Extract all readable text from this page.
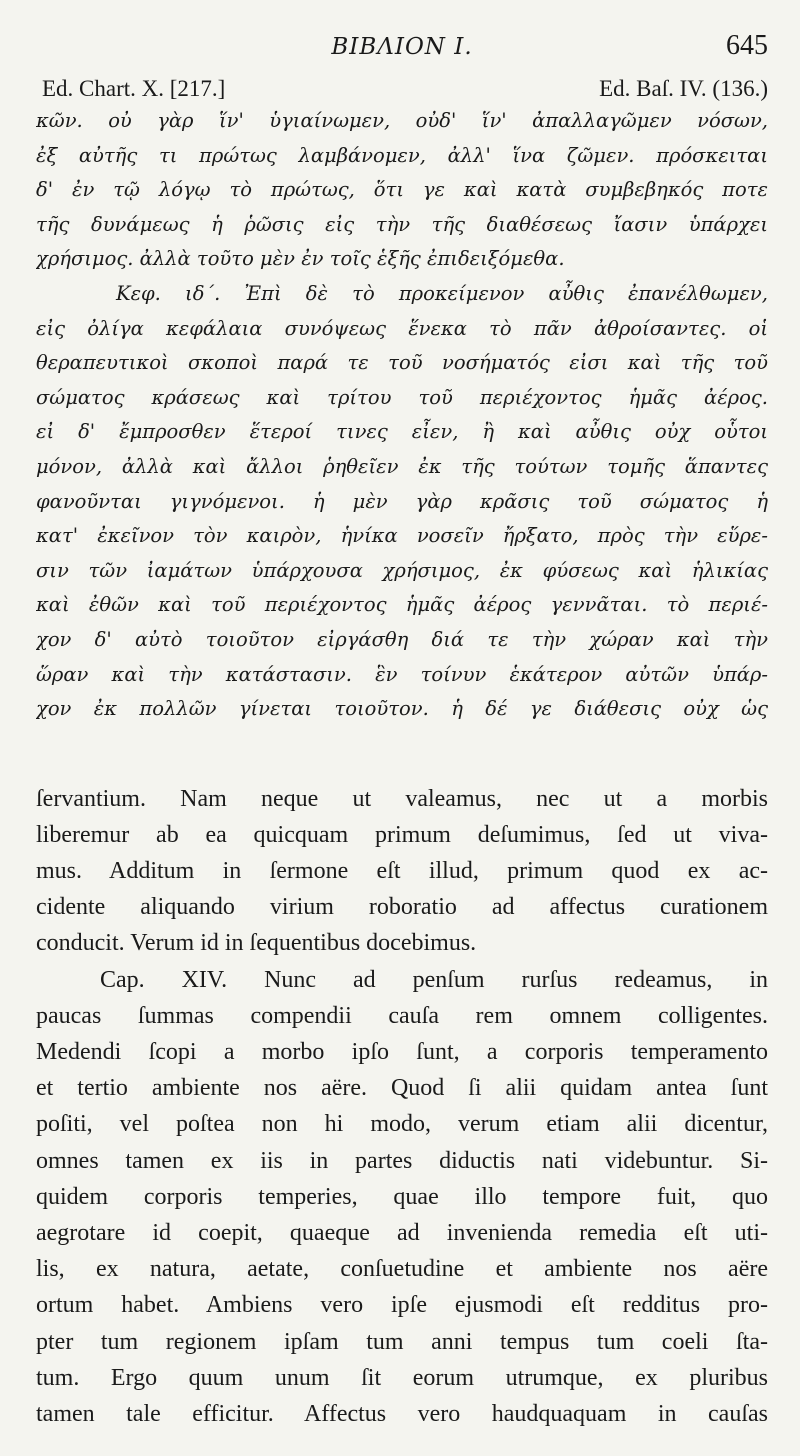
ΒΙΒΛΙΟΝ Ι.	645
Ed. Chart. X. [217.]	Ed. Baſ. IV. (136.)
κῶν. οὐ γὰρ ἵν' ὑγιαίνωμεν, οὐδ' ἵν' ἀπαλλαγῶμεν νόσων,
ἐξ αὐτῆς τι πρώτως λαμβάνομεν, ἀλλ' ἵνα ζῶμεν. πρόσκειται
δ' ἐν τῷ λόγῳ τὸ πρώτως, ὅτι γε καὶ κατὰ συμβεβηκός ποτε
τῆς δυνάμεως ἡ ῥῶσις εἰς τὴν τῆς διαθέσεως ἴασιν ὑπάρχει
χρήσιμος. ἀλλὰ τοῦτο μὲν ἐν τοῖς ἑξῆς ἐπιδειξόμεθα.
Κεφ. ιδ΄. Ἐπὶ δὲ τὸ προκείμενον αὖθις ἐπανέλθωμεν,
εἰς ὀλίγα κεφάλαια συνόψεως ἕνεκα τὸ πᾶν ἀθροίσαντες. οἱ
θεραπευτικοὶ σκοποὶ παρά τε τοῦ νοσήματός εἰσι καὶ τῆς τοῦ
σώματος κράσεως καὶ τρίτου τοῦ περιέχοντος ἡμᾶς ἀέρος.
εἰ δ' ἔμπροσθεν ἕτεροί τινες εἶεν, ἢ καὶ αὖθις οὐχ οὗτοι
μόνον, ἀλλὰ καὶ ἄλλοι ῥηθεῖεν ἐκ τῆς τούτων τομῆς ἅπαντες
φανοῦνται γιγνόμενοι. ἡ μὲν γὰρ κρᾶσις τοῦ σώματος ἡ
κατ' ἐκεῖνον τὸν καιρὸν, ἡνίκα νοσεῖν ἤρξατο, πρὸς τὴν εὕρε-
σιν τῶν ἰαμάτων ὑπάρχουσα χρήσιμος, ἐκ φύσεως καὶ ἡλικίας
καὶ ἐθῶν καὶ τοῦ περιέχοντος ἡμᾶς ἀέρος γεννᾶται. τὸ περιέ-
χον δ' αὐτὸ τοιοῦτον εἰργάσθη διά τε τὴν χώραν καὶ τὴν
ὥραν καὶ τὴν κατάστασιν. ἓν τοίνυν ἑκάτερον αὐτῶν ὑπάρ-
χον ἐκ πολλῶν γίνεται τοιοῦτον. ἡ δέ γε διάθεσις οὐχ ὡς
ſervantium. Nam neque ut valeamus, nec ut a morbis
liberemur ab ea quicquam primum deſumimus, ſed ut viva-
mus. Additum in ſermone eſt illud, primum quod ex ac-
cidente aliquando virium roboratio ad affectus curationem
conducit. Verum id in ſequentibus docebimus.
Cap. XIV. Nunc ad penſum rurſus redeamus, in
paucas ſummas compendii cauſa rem omnem colligentes.
Medendi ſcopi a morbo ipſo ſunt, a corporis temperamento
et tertio ambiente nos aëre. Quod ſi alii quidam antea ſunt
poſiti, vel poſtea non hi modo, verum etiam alii dicentur,
omnes tamen ex iis in partes diductis nati videbuntur. Si-
quidem corporis temperies, quae illo tempore fuit, quo
aegrotare id coepit, quaeque ad invenienda remedia eſt uti-
lis, ex natura, aetate, conſuetudine et ambiente nos aëre
ortum habet. Ambiens vero ipſe ejusmodi eſt redditus pro-
pter tum regionem ipſam tum anni tempus tum coeli ſta-
tum. Ergo quum unum ſit eorum utrumque, ex pluribus
tamen tale efficitur. Affectus vero haudquaquam in cauſas
